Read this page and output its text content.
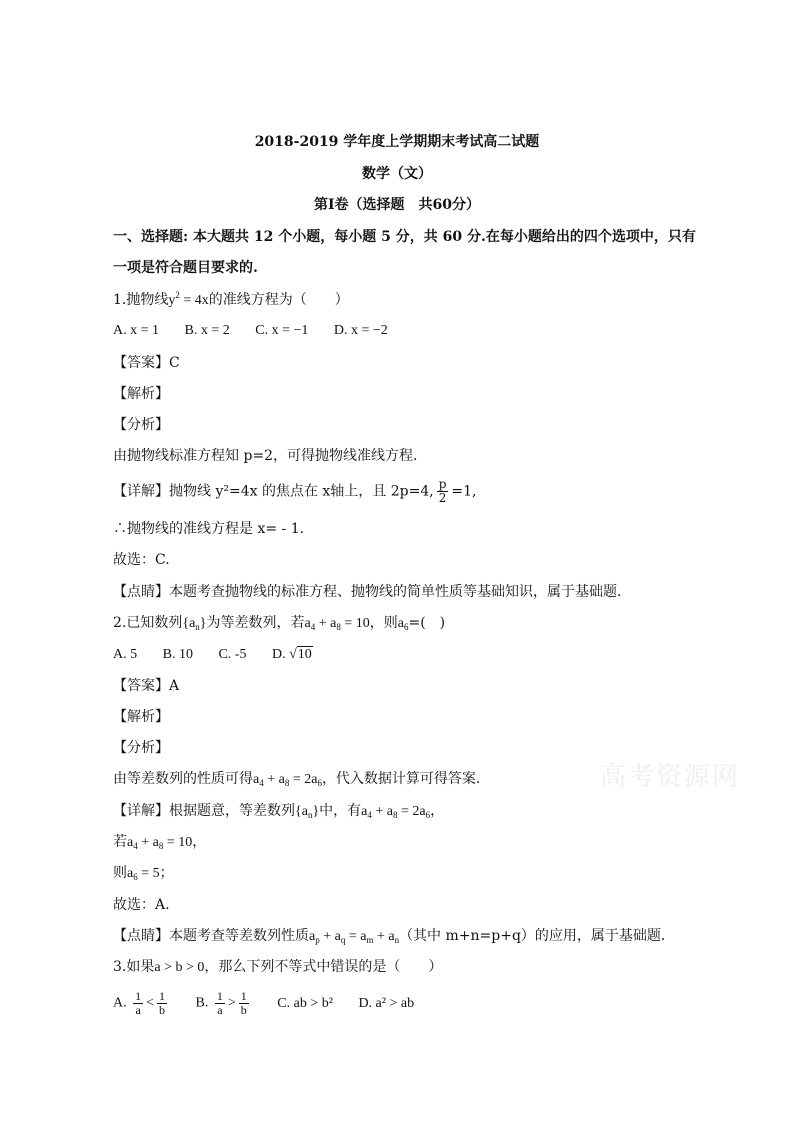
2018-2019 学年度上学期期末考试高二试题
数学（文）
第Ⅰ卷（选择题　共60分）
一、选择题: 本大题共 12 个小题，每小题 5 分，共 60 分.在每小题给出的四个选项中，只有
一项是符合题目要求的.
1.抛物线$y^2 = 4x$的准线方程为（　　）
A. x = 1 B. x = 2 C. x = −1 D. x = −2
【答案】C
【解析】
【分析】
由抛物线标准方程知 p=2，可得抛物线准线方程．
【详解】抛物线 y²=4x 的焦点在 x轴上，且 2p=4, $\frac{p}{2} =1$,
∴抛物线的准线方程是 x= - 1．
故选：C.
【点睛】本题考查抛物线的标准方程、抛物线的简单性质等基础知识，属于基础题．
2.已知数列$\{a_n\}$为等差数列，若$a_4 + a_8 = 10$，则$a_6=$(　)
A. 5 B. 10 C. -5 D. √10
【答案】A
【解析】
【分析】
由等差数列的性质可得$a_4 + a_8 = 2a_6$，代入数据计算可得答案．
【详解】根据题意，等差数列$\{a_n\}$中，有$a_4 + a_8 = 2a_6$，
若$a_4 + a_8 = 10$，
则$a_6 = 5$；
故选：A.
【点睛】本题考查等差数列性质$a_p + a_q = a_m + a_n$（其中 m+n=p+q）的应用，属于基础题．
3.如果a > b > 0，那么下列不等式中错误的是（　　）
A. $\frac{1}{a} < \frac{1}{b} B$. $\frac{1}{a} > \frac{1}{b} C$. ab > b² D. a² > ab
高考资源网
